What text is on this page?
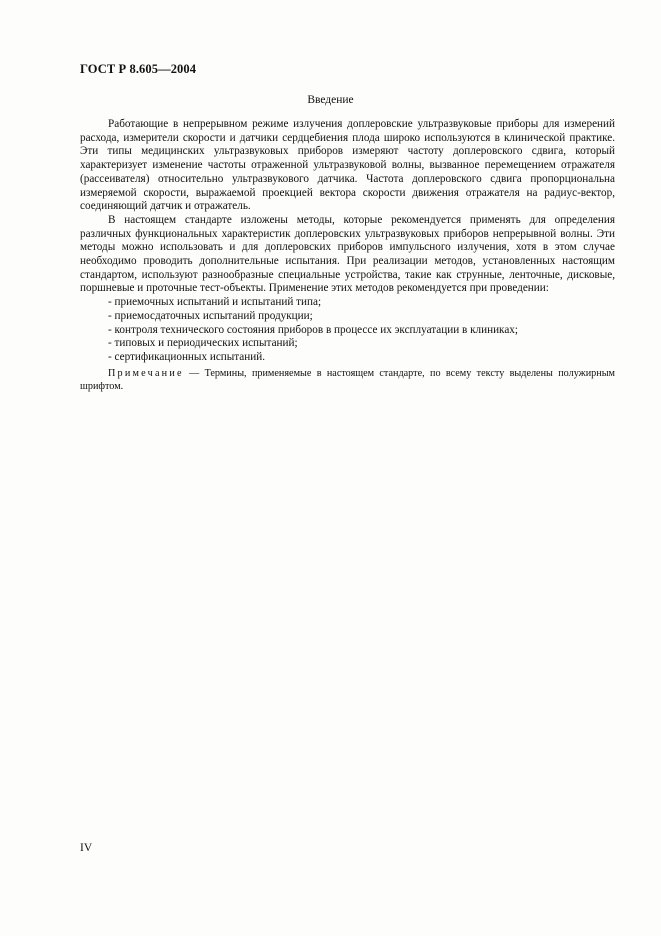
ГОСТ Р 8.605—2004
Введение

Работающие в непрерывном режиме излучения доплеровские ультразвуковые приборы для измерений расхода, измерители скорости и датчики сердцебиения плода широко используются в клинической практике. Эти типы медицинских ультразвуковых приборов измеряют частоту доплеровского сдвига, который характеризует изменение частоты отраженной ультразвуковой волны, вызванное перемещением отражателя (рассеивателя) относительно ультразвукового датчика. Частота доплеровского сдвига пропорциональна измеряемой скорости, выражаемой проекцией вектора скорости движения отражателя на радиус-вектор, соединяющий датчик и отражатель.

В настоящем стандарте изложены методы, которые рекомендуется применять для определения различных функциональных характеристик доплеровских ультразвуковых приборов непрерывной волны. Эти методы можно использовать и для доплеровских приборов импульсного излучения, хотя в этом случае необходимо проводить дополнительные испытания. При реализации методов, установленных настоящим стандартом, используют разнообразные специальные устройства, такие как струнные, ленточные, дисковые, поршневые и проточные тест-объекты. Применение этих методов рекомендуется при проведении:

- приемочных испытаний и испытаний типа;
- приемосдаточных испытаний продукции;
- контроля технического состояния приборов в процессе их эксплуатации в клиниках;
- типовых и периодических испытаний;
- сертификационных испытаний.

Примечание — Термины, применяемые в настоящем стандарте, по всему тексту выделены полужирным шрифтом.

IV
